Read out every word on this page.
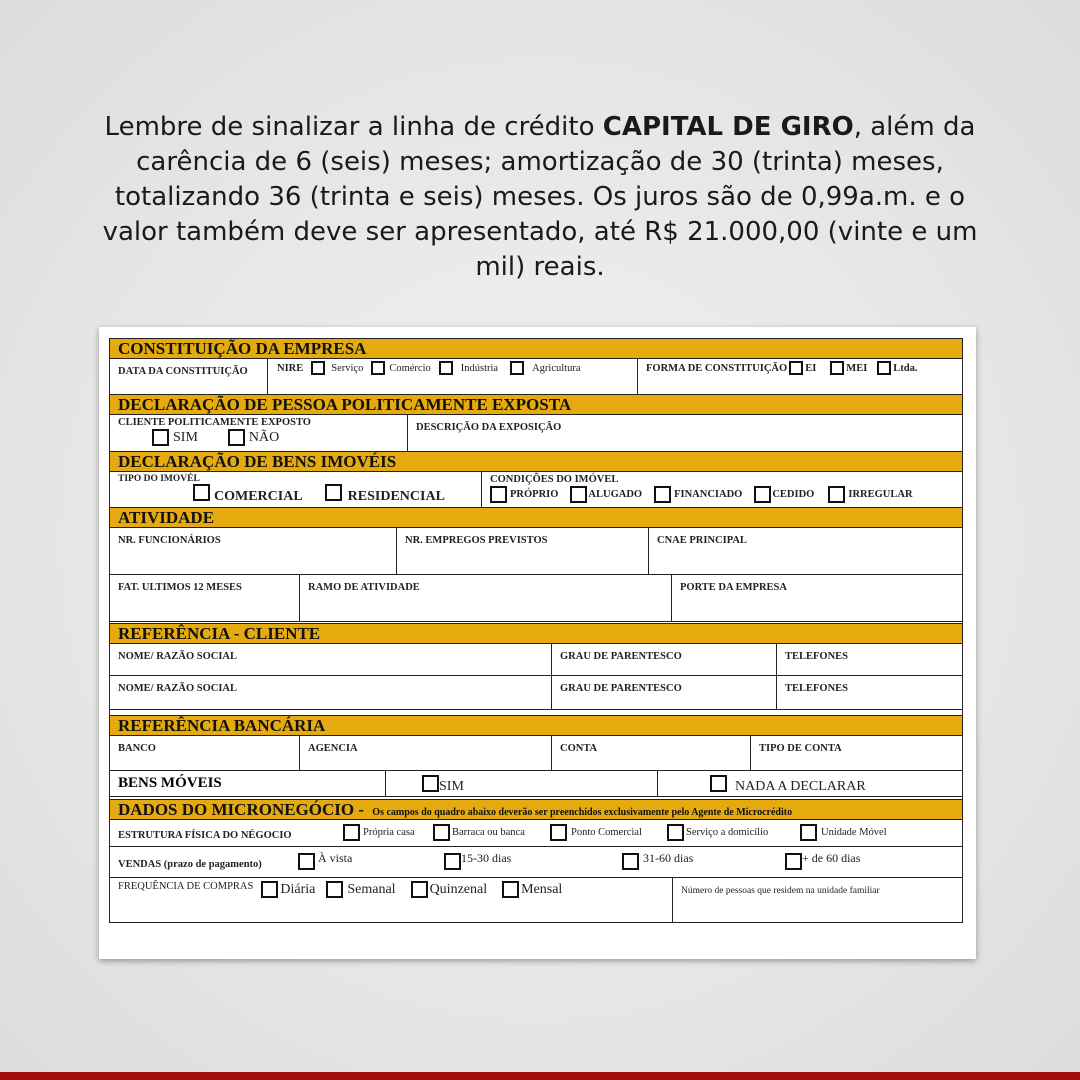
Lembre de sinalizar a linha de crédito CAPITAL DE GIRO, além da carência de 6 (seis) meses; amortização de 30 (trinta) meses, totalizando 36 (trinta e seis) meses. Os juros são de 0,99a.m. e o valor também deve ser apresentado, até R$ 21.000,00 (vinte e um mil) reais.
CONSTITUIÇÃO DA EMPRESA
DATA DA CONSTITUIÇÃO	NIRE	Serviço Comércio	Indústria	Agricultura	FORMA DE CONSTITUIÇÃO EI	MEI Ltda.
DECLARAÇÃO DE PESSOA POLITICAMENTE EXPOSTA
CLIENTE POLITICAMENTE EXPOSTO
SIM	NÃO
DESCRIÇÃO DA EXPOSIÇÃO
DECLARAÇÃO DE BENS IMOVÉIS
TIPO DO IMOVÉL
COMERCIAL	RESIDENCIAL
CONDIÇÕES DO IMÓVEL
PRÓPRIO	ALUGADO	FINANCIADO	CEDIDO	IRREGULAR
ATIVIDADE
NR. FUNCIONÁRIOS	NR. EMPREGOS PREVISTOS	CNAE PRINCIPAL
FAT. ULTIMOS 12 MESES	RAMO DE ATIVIDADE	PORTE DA EMPRESA
REFERÊNCIA - CLIENTE
NOME/ RAZÃO SOCIAL	GRAU DE PARENTESCO	TELEFONES
NOME/ RAZÃO SOCIAL	GRAU DE PARENTESCO	TELEFONES
REFERÊNCIA BANCÁRIA
BANCO	AGENCIA	CONTA	TIPO DE CONTA
BENS MÓVEIS	SIM	NADA A DECLARAR
DADOS DO MICRONEGÓCIO - Os campos do quadro abaixo deverão ser preenchidos exclusivamente pelo Agente de Microcrédito
ESTRUTURA FÍSICA DO NÉGOCIO	Própria casa	Barraca ou banca	Ponto Comercial	Serviço a domicílio	Unidade Móvel
VENDAS (prazo de pagamento)	À vista	15-30 dias	31-60 dias	+ de 60 dias
FREQUÊNCIA DE COMPRAS Diária Semanal Quinzenal Mensal	Número de pessoas que residem na unidade familiar
